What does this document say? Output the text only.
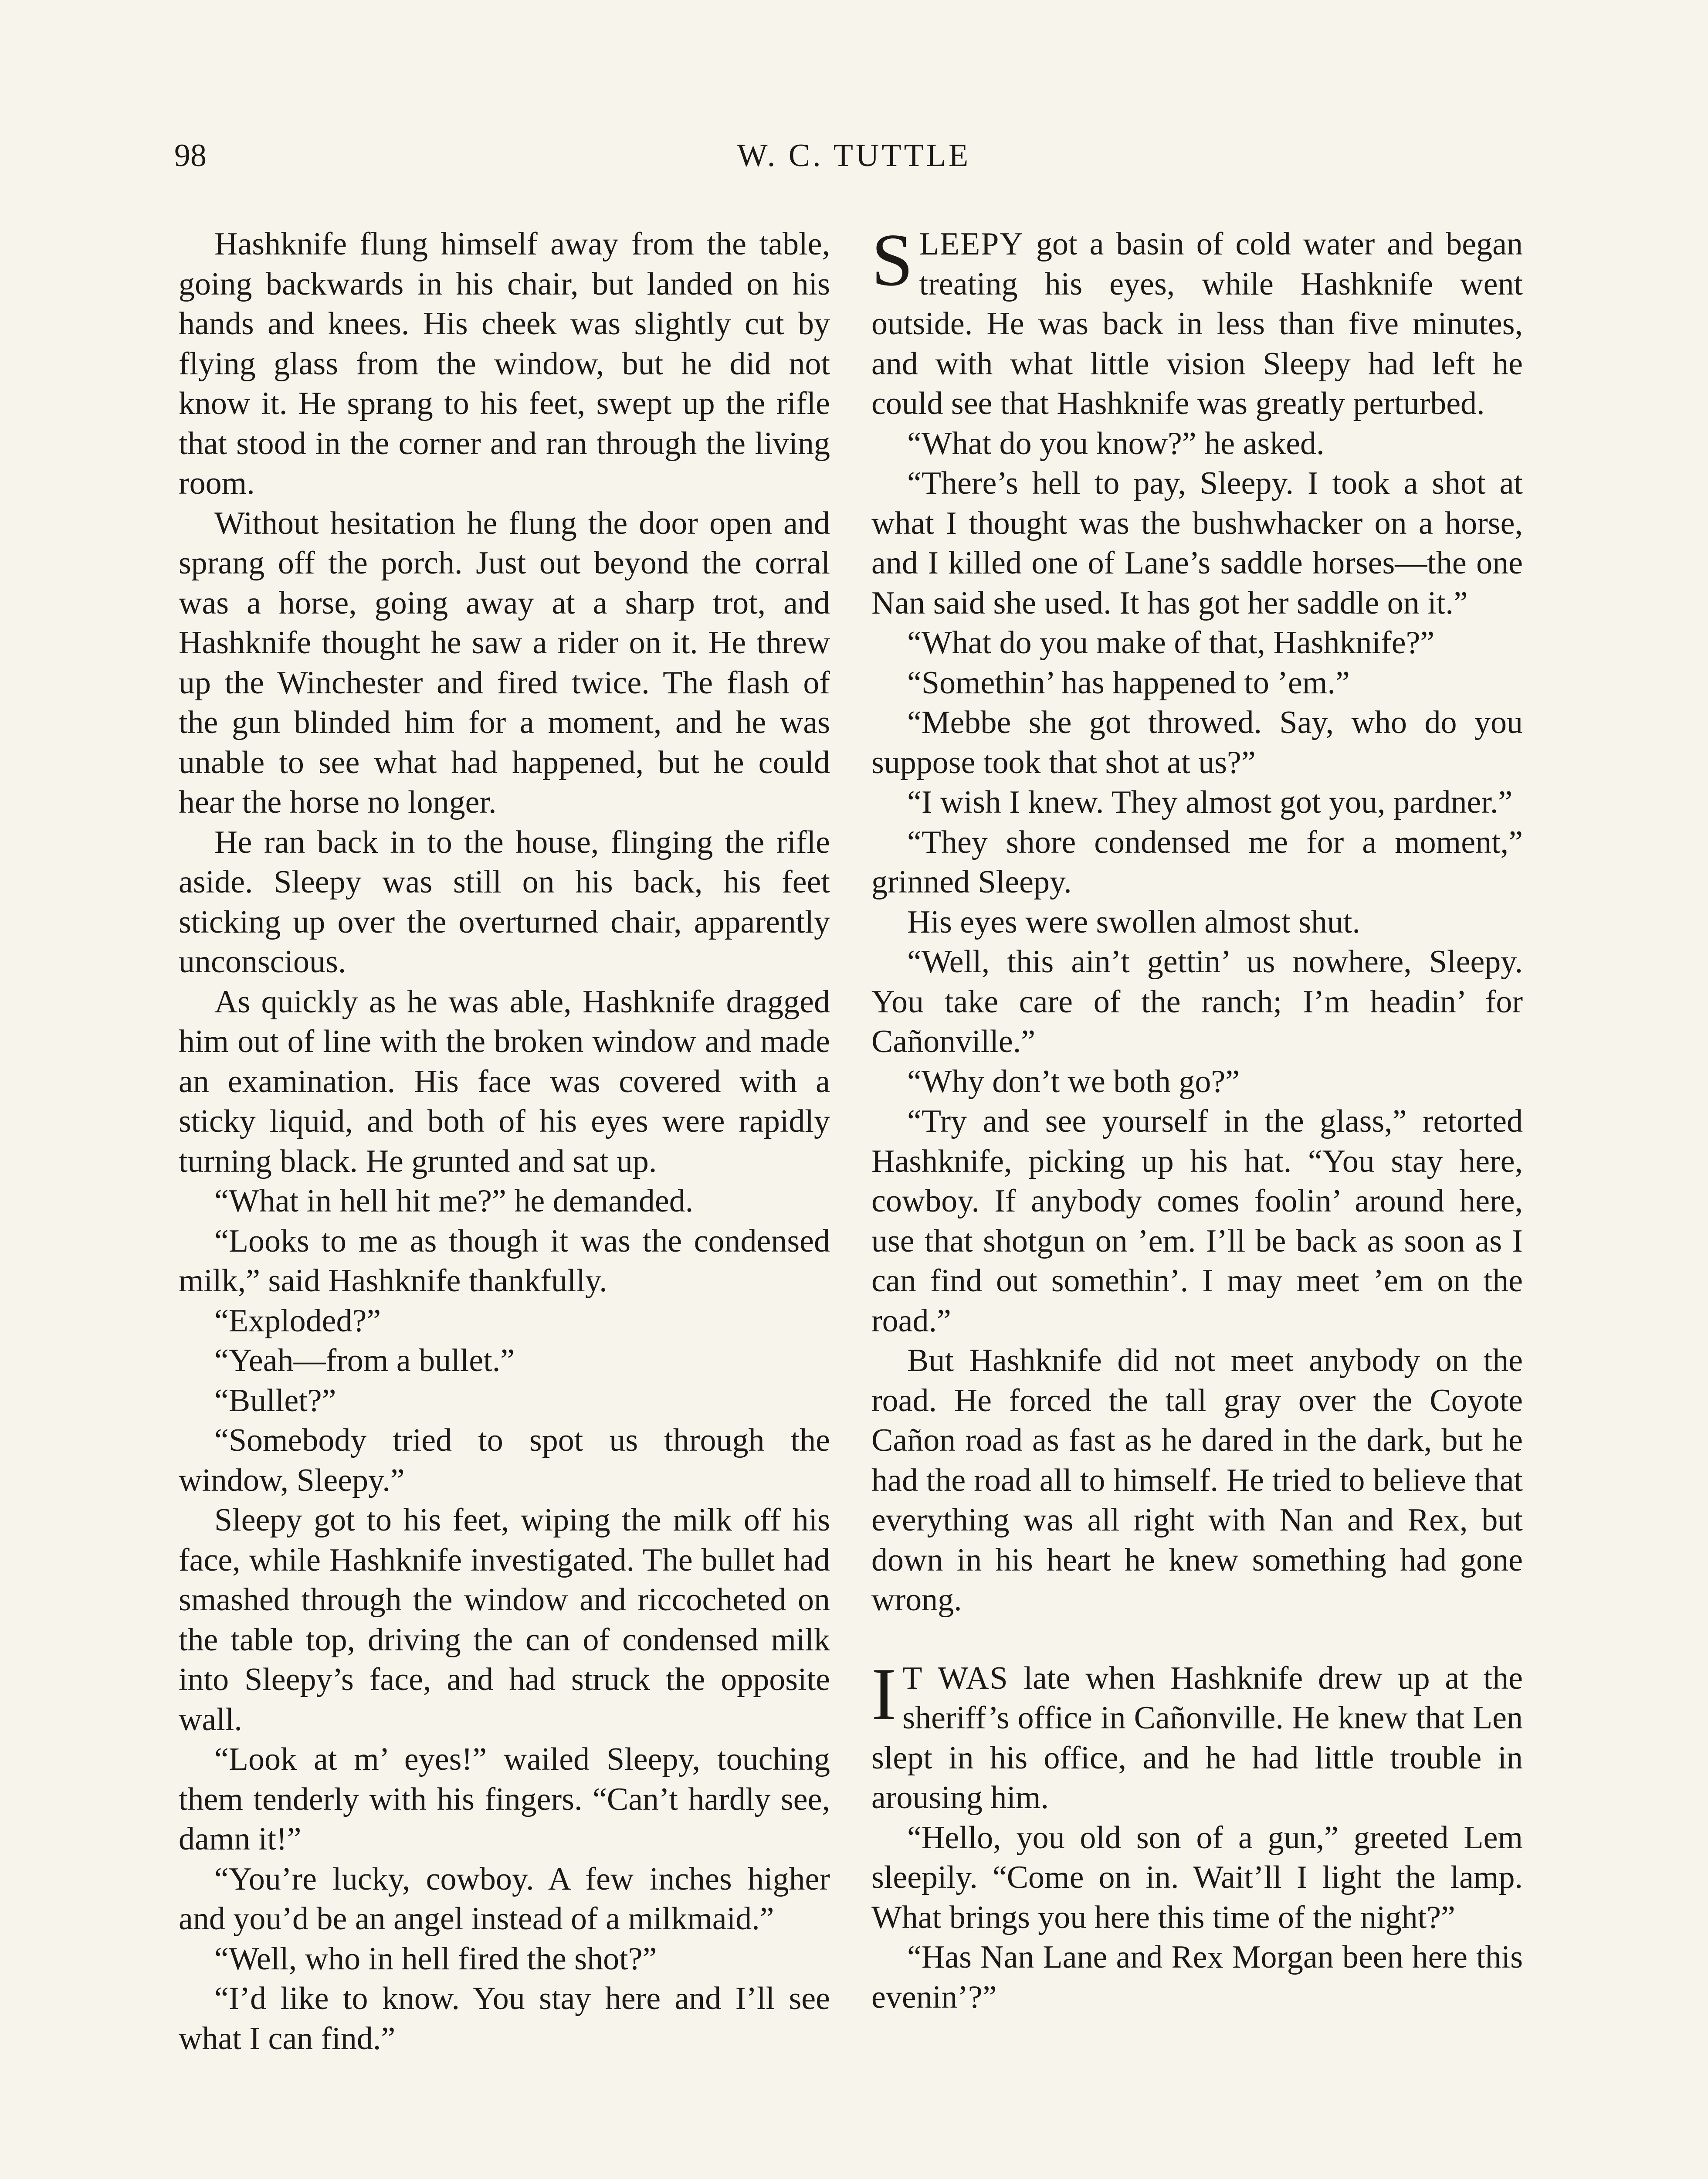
98	W. C. TUTTLE

Hashknife flung himself away from the table, going backwards in his chair, but landed on his hands and knees. His cheek was slightly cut by flying glass from the window, but he did not know it. He sprang to his feet, swept up the rifle that stood in the corner and ran through the living room.

Without hesitation he flung the door open and sprang off the porch. Just out beyond the corral was a horse, going away at a sharp trot, and Hashknife thought he saw a rider on it. He threw up the Winchester and fired twice. The flash of the gun blinded him for a moment, and he was unable to see what had happened, but he could hear the horse no longer.

He ran back in to the house, flinging the rifle aside. Sleepy was still on his back, his feet sticking up over the overturned chair, apparently unconscious.

As quickly as he was able, Hashknife dragged him out of line with the broken window and made an examination. His face was covered with a sticky liquid, and both of his eyes were rapidly turning black. He grunted and sat up.

“What in hell hit me?” he demanded.

“Looks to me as though it was the condensed milk,” said Hashknife thankfully.

“Exploded?”

“Yeah—from a bullet.”

“Bullet?”

“Somebody tried to spot us through the window, Sleepy.”

Sleepy got to his feet, wiping the milk off his face, while Hashknife investigated. The bullet had smashed through the window and riccocheted on the table top, driving the can of condensed milk into Sleepy’s face, and had struck the opposite wall.

“Look at m’ eyes!” wailed Sleepy, touching them tenderly with his fingers. “Can’t hardly see, damn it!”

“You’re lucky, cowboy. A few inches higher and you’d be an angel instead of a milkmaid.”

“Well, who in hell fired the shot?”

“I’d like to know. You stay here and I’ll see what I can find.”

SLEEPY got a basin of cold water and began treating his eyes, while Hashknife went outside. He was back in less than five minutes, and with what little vision Sleepy had left he could see that Hashknife was greatly perturbed.

“What do you know?” he asked.

“There’s hell to pay, Sleepy. I took a shot at what I thought was the bushwhacker on a horse, and I killed one of Lane’s saddle horses—the one Nan said she used. It has got her saddle on it.”

“What do you make of that, Hashknife?”

“Somethin’ has happened to ’em.”

“Mebbe she got throwed. Say, who do you suppose took that shot at us?”

“I wish I knew. They almost got you, pardner.”

“They shore condensed me for a moment,” grinned Sleepy.

His eyes were swollen almost shut.

“Well, this ain’t gettin’ us nowhere, Sleepy. You take care of the ranch; I’m headin’ for Cañonville.”

“Why don’t we both go?”

“Try and see yourself in the glass,” retorted Hashknife, picking up his hat. “You stay here, cowboy. If anybody comes foolin’ around here, use that shotgun on ’em. I’ll be back as soon as I can find out somethin’. I may meet ’em on the road.”

But Hashknife did not meet anybody on the road. He forced the tall gray over the Coyote Cañon road as fast as he dared in the dark, but he had the road all to himself. He tried to believe that everything was all right with Nan and Rex, but down in his heart he knew something had gone wrong.

I T WAS late when Hashknife drew up at the sheriff’s office in Cañonville. He knew that Len slept in his office, and he had little trouble in arousing him.

“Hello, you old son of a gun,” greeted Lem sleepily. “Come on in. Wait’ll I light the lamp. What brings you here this time of the night?”

“Has Nan Lane and Rex Morgan been here this evenin’?”
